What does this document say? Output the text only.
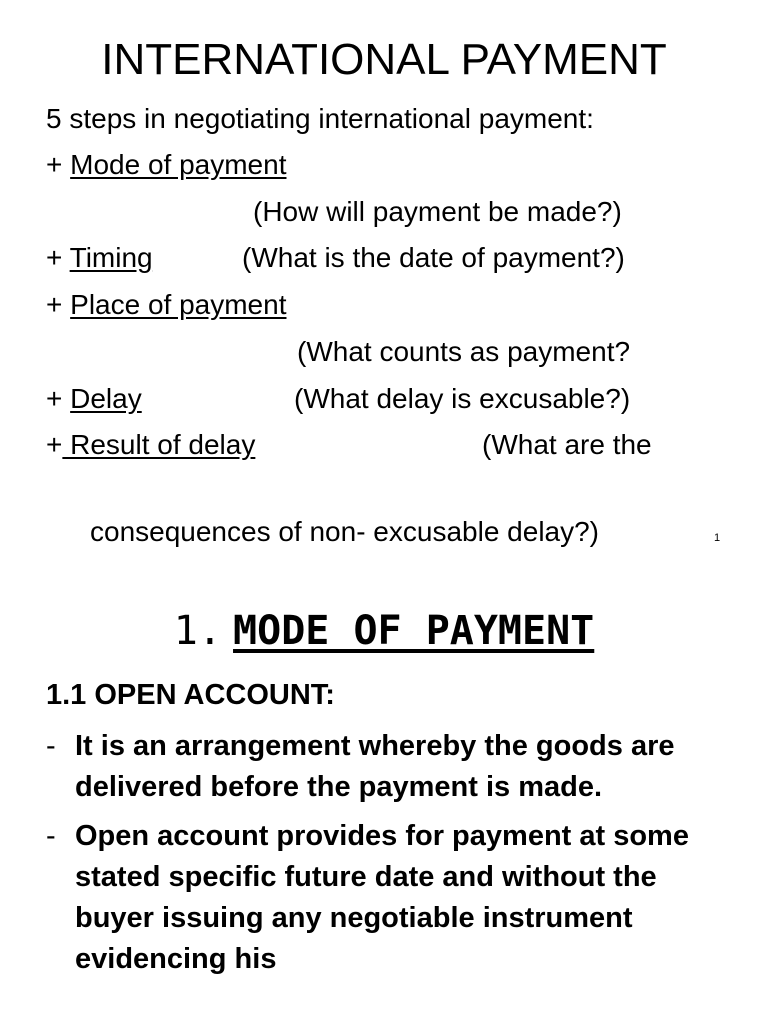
INTERNATIONAL PAYMENT
5 steps in negotiating international payment:
+ Mode of payment
(How will payment be made?)
+ Timing	(What is the date of payment?)
+ Place of payment
(What counts as payment?
+ Delay	(What delay is excusable?)
+ Result of delay	(What are the
consequences of non- excusable delay?)	1
1. MODE OF PAYMENT
1.1 OPEN ACCOUNT:
- It is an arrangement whereby the goods are delivered before the payment is made.
- Open account provides for payment at some stated specific future date and without the buyer issuing any negotiable instrument evidencing his
